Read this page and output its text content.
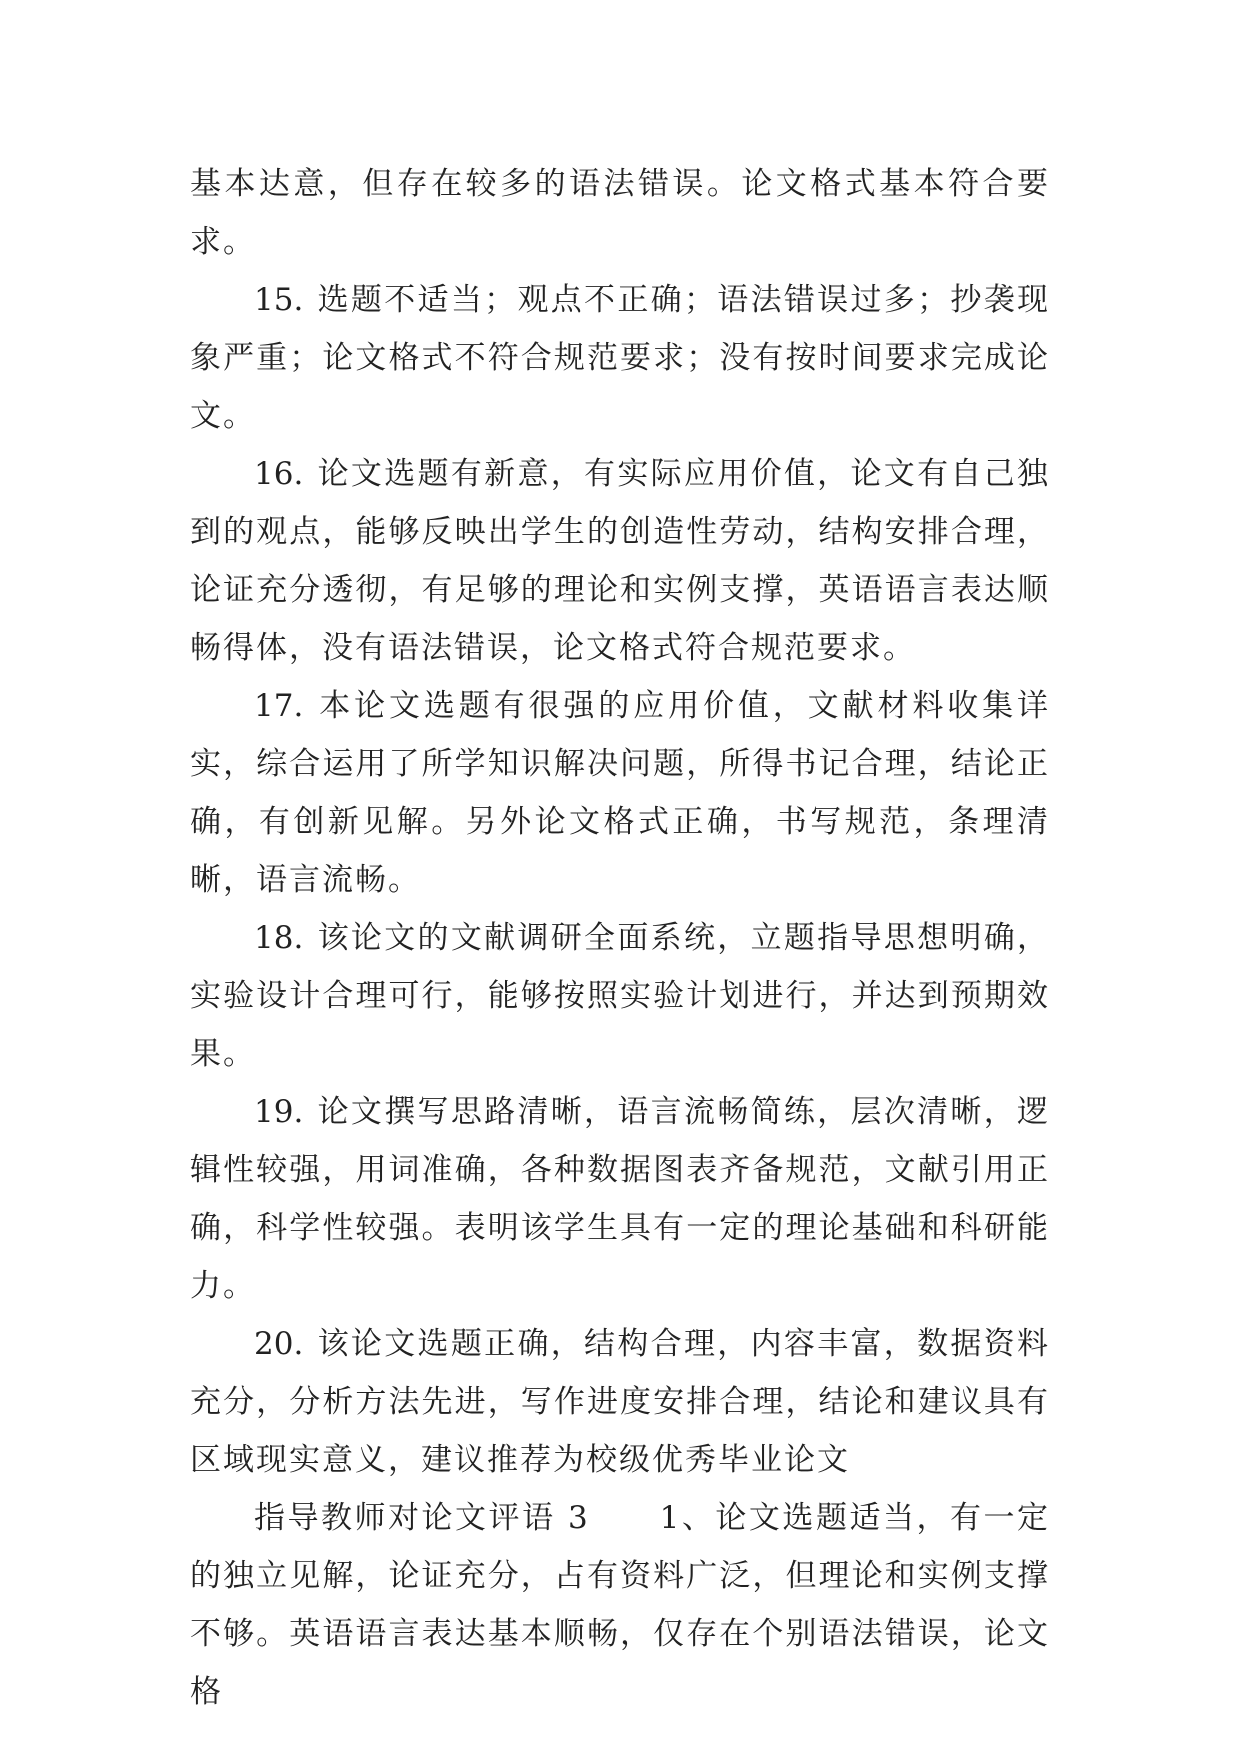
基本达意，但存在较多的语法错误。论文格式基本符合要求。

15. 选题不适当；观点不正确；语法错误过多；抄袭现象严重；论文格式不符合规范要求；没有按时间要求完成论文。

16. 论文选题有新意，有实际应用价值，论文有自己独到的观点，能够反映出学生的创造性劳动，结构安排合理，论证充分透彻，有足够的理论和实例支撑，英语语言表达顺畅得体，没有语法错误，论文格式符合规范要求。

17. 本论文选题有很强的应用价值，文献材料收集详实，综合运用了所学知识解决问题，所得书记合理，结论正确，有创新见解。另外论文格式正确，书写规范，条理清晰，语言流畅。

18. 该论文的文献调研全面系统，立题指导思想明确，实验设计合理可行，能够按照实验计划进行，并达到预期效果。

19. 论文撰写思路清晰，语言流畅简练，层次清晰，逻辑性较强，用词准确，各种数据图表齐备规范，文献引用正确，科学性较强。表明该学生具有一定的理论基础和科研能力。

20. 该论文选题正确，结构合理，内容丰富，数据资料充分，分析方法先进，写作进度安排合理，结论和建议具有区域现实意义，建议推荐为校级优秀毕业论文

指导教师对论文评语 3 1、论文选题适当，有一定的独立见解，论证充分，占有资料广泛，但理论和实例支撑不够。英语语言表达基本顺畅，仅存在个别语法错误，论文格
